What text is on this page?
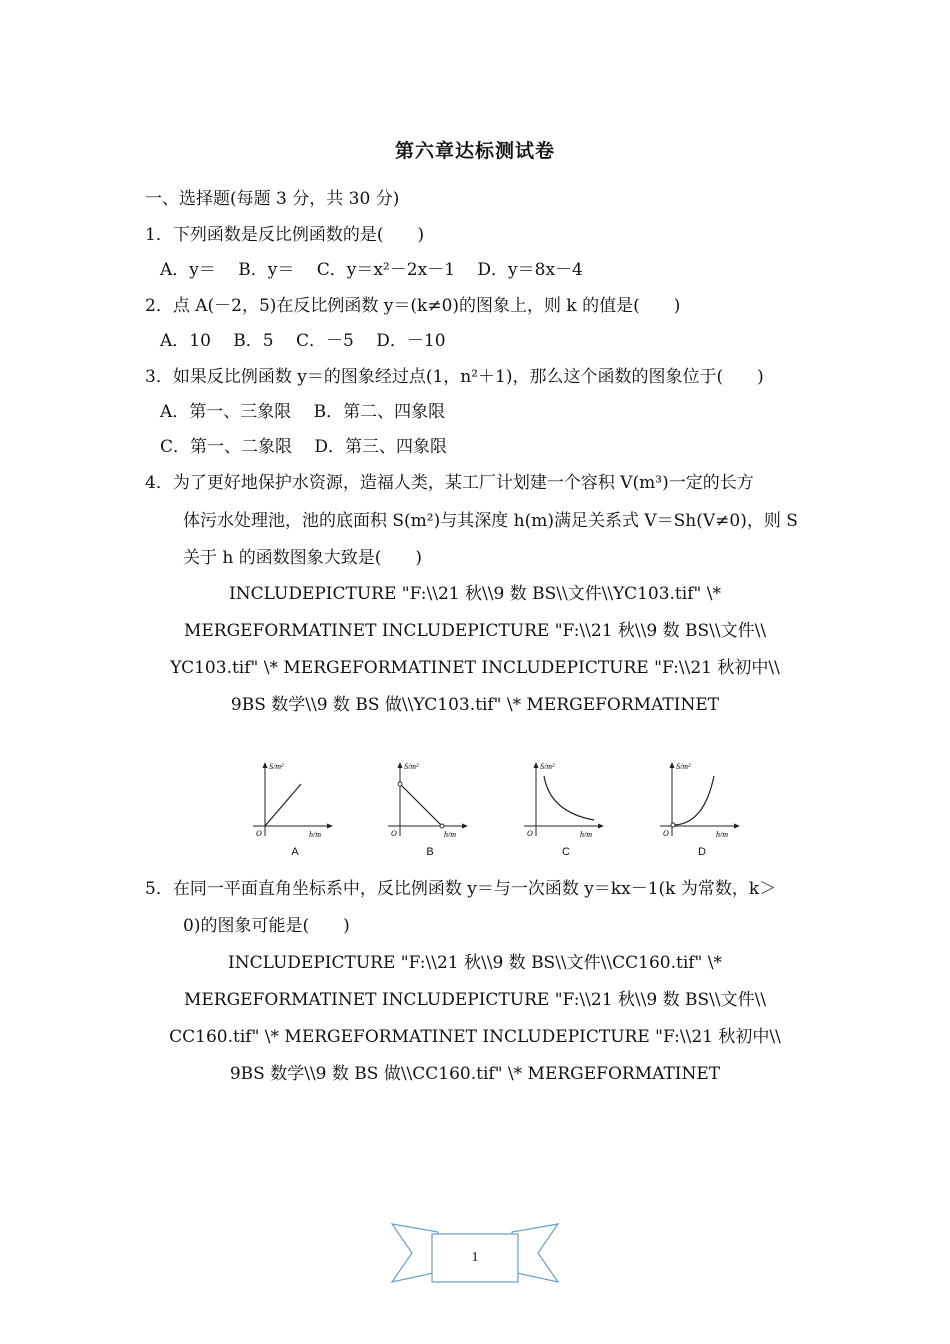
第六章达标测试卷
一、选择题(每题 3 分，共 30 分)
1．下列函数是反比例函数的是(　　)
A．y＝　 B．y＝　 C．y＝x²－2x－1　 D．y＝8x－4
2．点 A(－2，5)在反比例函数 y＝(k≠0)的图象上，则 k 的值是(　　)
A．10　 B．5　 C．－5　 D．－10
3．如果反比例函数 y＝的图象经过点(1，n²＋1)，那么这个函数的图象位于(　　)
A．第一、三象限　 B．第二、四象限
C．第一、二象限　 D．第三、四象限
4．为了更好地保护水资源，造福人类，某工厂计划建一个容积 V(m³)一定的长方
体污水处理池，池的底面积 S(m²)与其深度 h(m)满足关系式 V＝Sh(V≠0)，则 S
关于 h 的函数图象大致是(　　)
INCLUDEPICTURE "F:\\21 秋\\9 数 BS\\文件\\YC103.tif" \*
MERGEFORMATINET INCLUDEPICTURE "F:\\21 秋\\9 数 BS\\文件\\
YC103.tif" \* MERGEFORMATINET INCLUDEPICTURE "F:\\21 秋初中\\
9BS 数学\\9 数 BS 做\\YC103.tif" \* MERGEFORMATINET
S/m²
h/m
O
A
S/m²
h/m
O
B
S/m²
h/m
O
C
S/m²
h/m
O
D
5．在同一平面直角坐标系中，反比例函数 y＝与一次函数 y＝kx－1(k 为常数，k＞
0)的图象可能是(　　)
INCLUDEPICTURE "F:\\21 秋\\9 数 BS\\文件\\CC160.tif" \*
MERGEFORMATINET INCLUDEPICTURE "F:\\21 秋\\9 数 BS\\文件\\
CC160.tif" \* MERGEFORMATINET INCLUDEPICTURE "F:\\21 秋初中\\
9BS 数学\\9 数 BS 做\\CC160.tif" \* MERGEFORMATINET
1
